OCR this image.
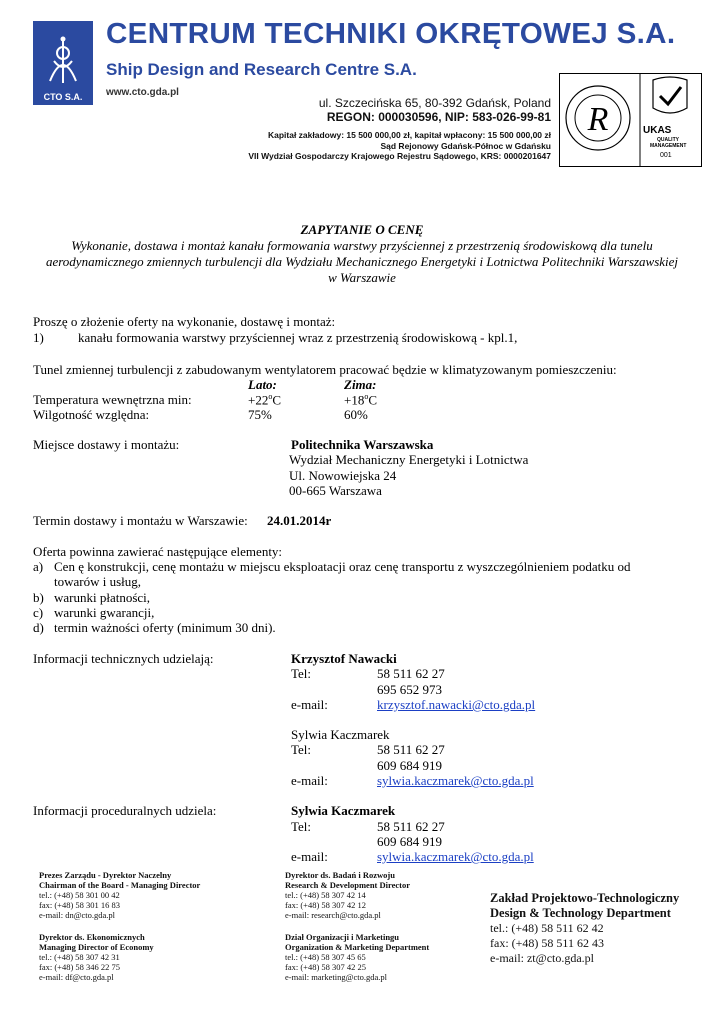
CTO S.A.
CENTRUM TECHNIKI OKRĘTOWEJ S.A.
Ship Design and Research Centre S.A.
www.cto.gda.pl
ul. Szczecińska 65, 80-392 Gdańsk, Poland
REGON: 000030596, NIP: 583-026-99-81
Kapitał zakładowy: 15 500 000,00 zł, kapitał wpłacony: 15 500 000,00 zł
Sąd Rejonowy Gdańsk-Północ w Gdańsku
VII Wydział Gospodarczy Krajowego Rejestru Sądowego, KRS: 0000201647
R	UKAS
QUALITY MANAGEMENT
001
ZAPYTANIE O CENĘ
Wykonanie, dostawa i montaż kanału formowania warstwy przyściennej z przestrzenią środowiskową dla tunelu
aerodynamicznego zmiennych turbulencji dla Wydziału Mechanicznego Energetyki i Lotnictwa Politechniki Warszawskiej
w Warszawie
Proszę o złożenie oferty na wykonanie, dostawę i montaż:
1)	kanału formowania warstwy przyściennej wraz z przestrzenią środowiskową - kpl.1,
Tunel zmiennej turbulencji z zabudowanym wentylatorem pracować będzie w klimatyzowanym pomieszczeniu:
Lato:	Zima:
Temperatura wewnętrzna min:	$+22^oC$	$+18^oC$
Wilgotność względna:	75%	60%
Miejsce dostawy i montażu:	Politechnika Warszawska
Wydział Mechaniczny Energetyki i Lotnictwa
Ul. Nowowiejska 24
00-665 Warszawa
Termin dostawy i montażu w Warszawie: 24.01.2014r
Oferta powinna zawierać następujące elementy:
a) Cen ę konstrukcji, cenę montażu w miejscu eksploatacji oraz cenę transportu z wyszczególnieniem podatku od
towarów i usług,
b) warunki płatności,
c) warunki gwarancji,
d) termin ważności oferty (minimum 30 dni).
Informacji technicznych udzielają:	Krzysztof Nawacki
Tel:	58 511 62 27
695 652 973
e-mail:	krzysztof.nawacki@cto.gda.pl
Sylwia Kaczmarek
Tel:	58 511 62 27
609 684 919
e-mail:	sylwia.kaczmarek@cto.gda.pl
Informacji proceduralnych udziela:	Sylwia Kaczmarek
Tel:	58 511 62 27
609 684 919
e-mail:	sylwia.kaczmarek@cto.gda.pl
Prezes Zarządu - Dyrektor Naczelny
Chairman of the Board - Managing Director
tel.: (+48) 58 301 00 42
fax: (+48) 58 301 16 83
e-mail: dn@cto.gda.pl
Dyrektor ds. Badań i Rozwoju
Research & Development Director
tel.: (+48) 58 307 42 14
fax: (+48) 58 307 42 12
e-mail: research@cto.gda.pl
Dyrektor ds. Ekonomicznych
Managing Director of Economy
tel.: (+48) 58 307 42 31
fax: (+48) 58 346 22 75
e-mail: df@cto.gda.pl
Dział Organizacji i Marketingu
Organization & Marketing Department
tel.: (+48) 58 307 45 65
fax: (+48) 58 307 42 25
e-mail: marketing@cto.gda.pl
Zakład Projektowo-Technologiczny
Design & Technology Department
tel.: (+48) 58 511 62 42
fax: (+48) 58 511 62 43
e-mail: zt@cto.gda.pl
